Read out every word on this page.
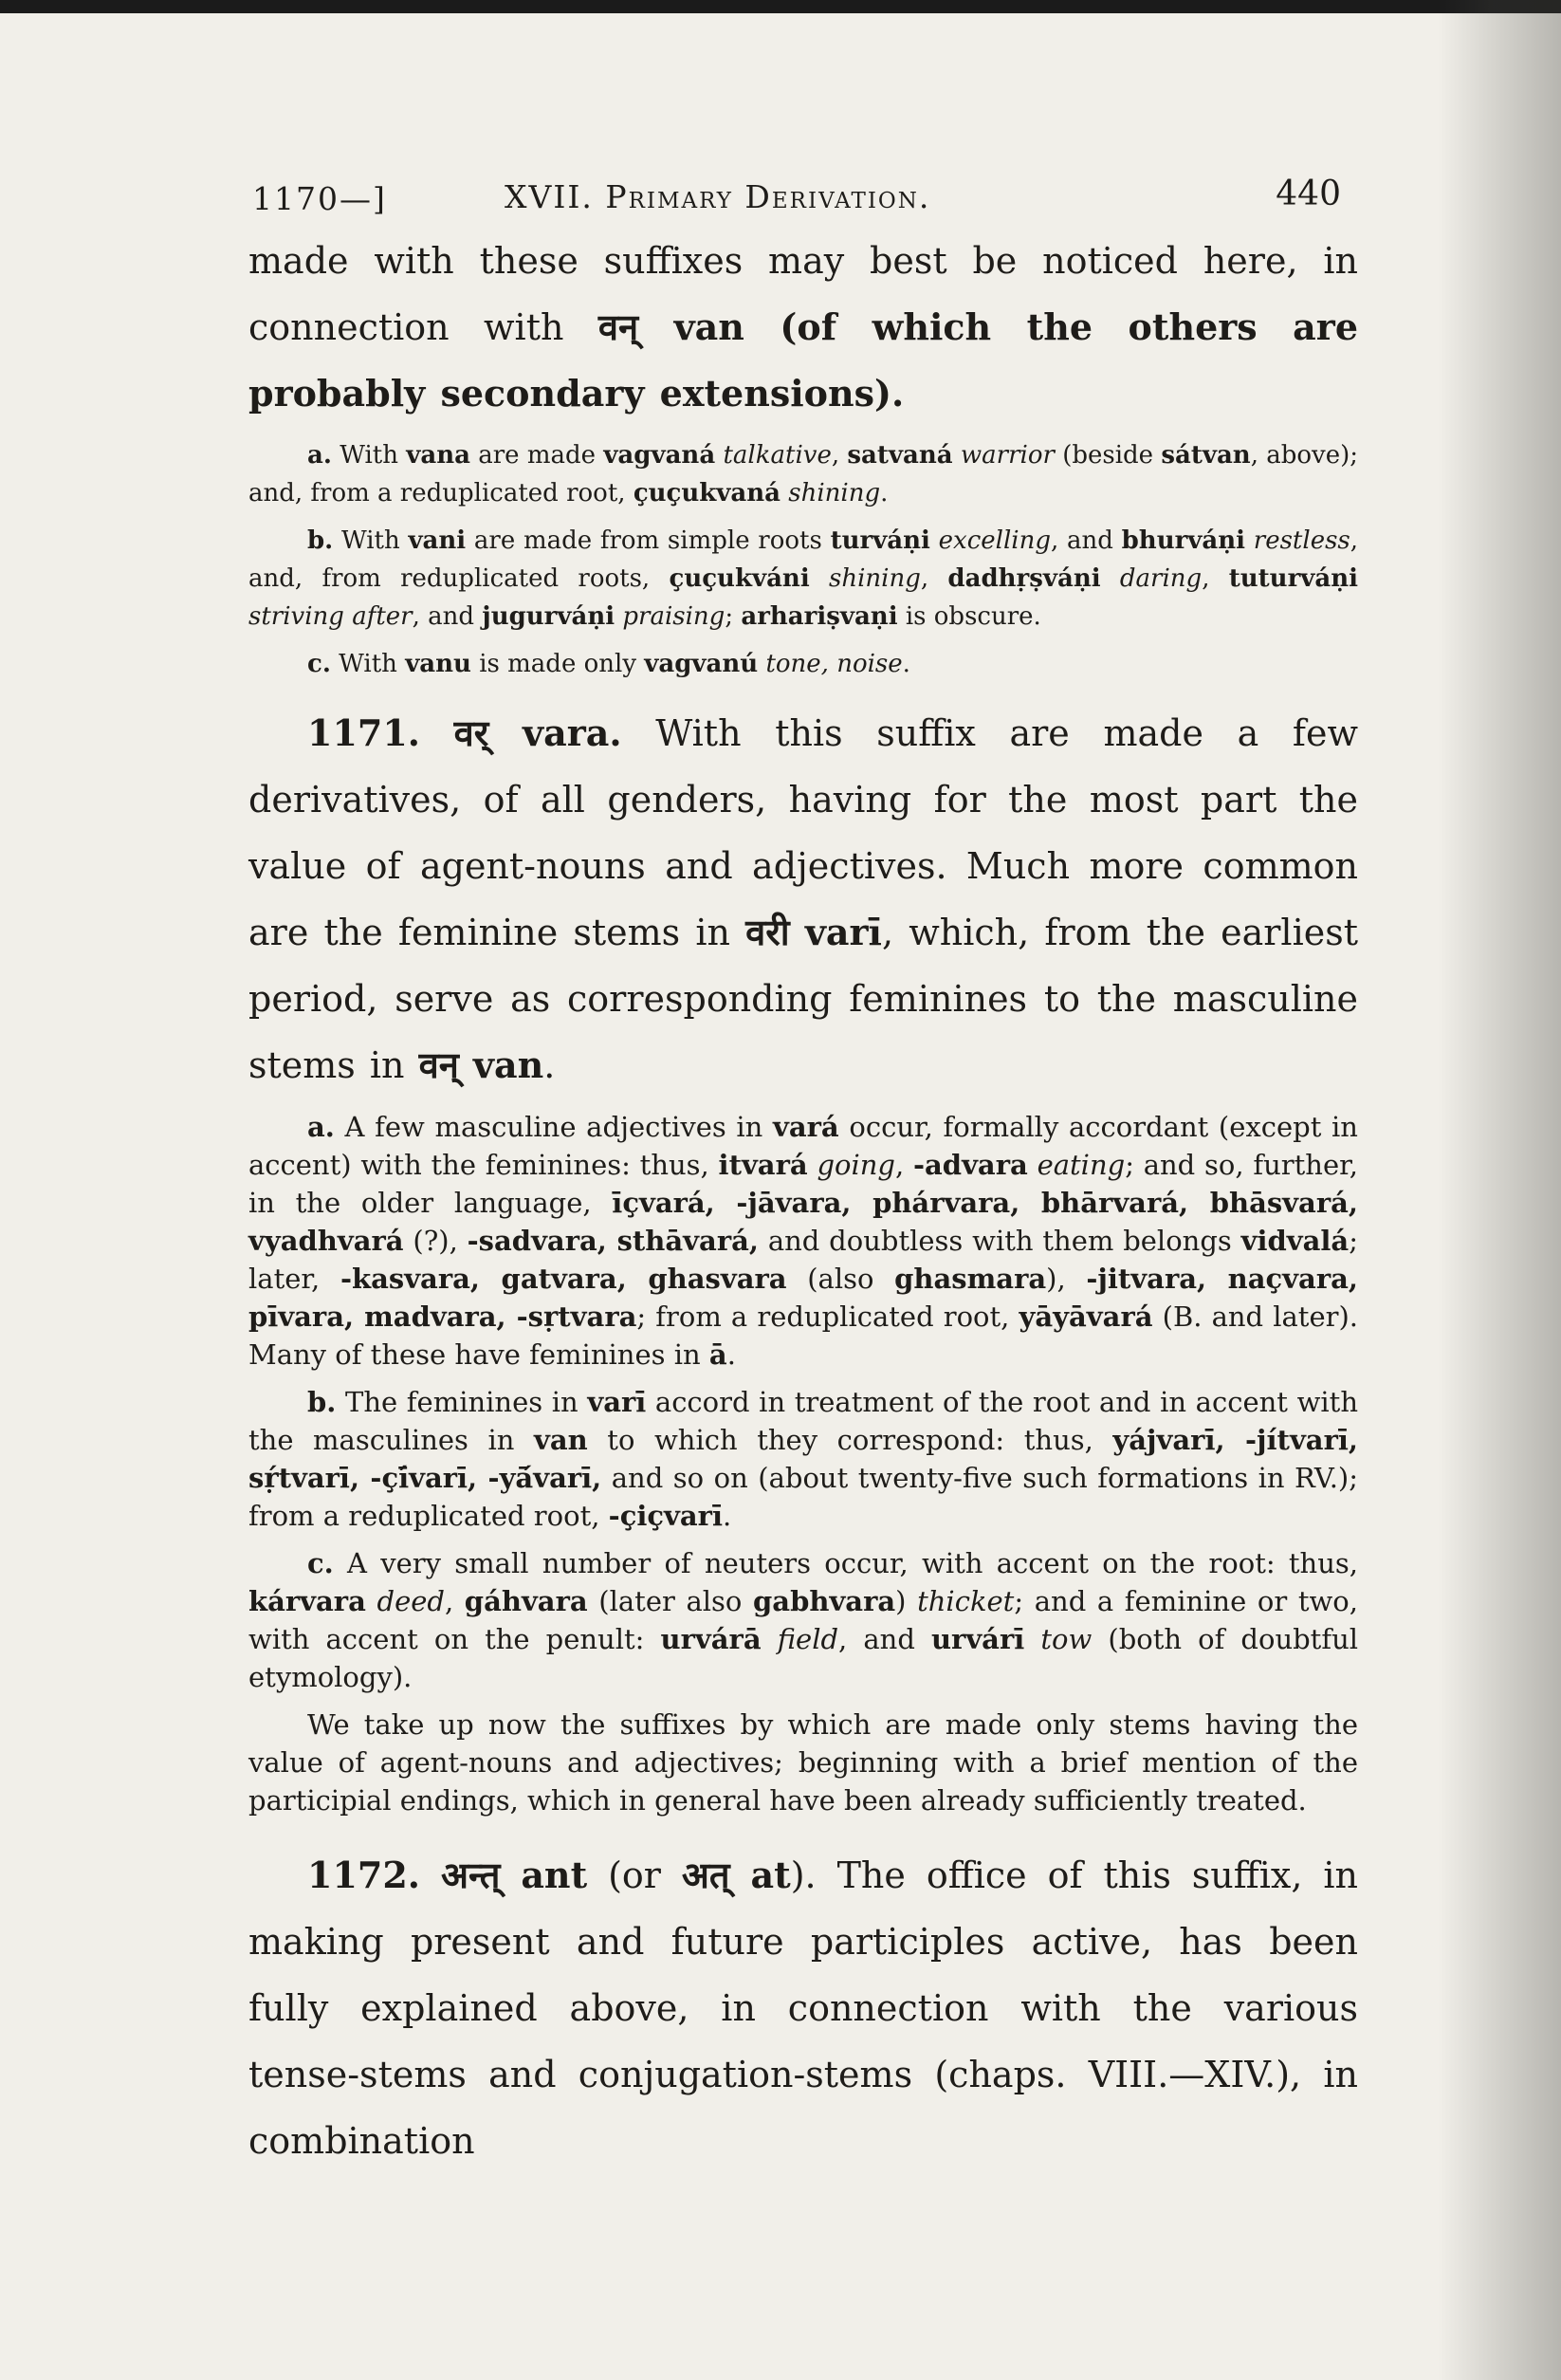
1170—]	XVII. Primary Derivation.	440

made with these suffixes may best be noticed here, in connection with वन् van (of which the others are probably secondary extensions).

a. With vana are made vagvaná talkative, satvaná warrior (beside sátvan, above); and, from a reduplicated root, çuçukvaná shining.

b. With vani are made from simple roots turváṇi excelling, and bhurváṇi restless, and, from reduplicated roots, çuçukváni shining, dadhṛṣváṇi daring, tuturváṇi striving after, and jugurváṇi praising; arhariṣvaṇi is obscure.

c. With vanu is made only vagvanú tone, noise.

1171. वर् vara. With this suffix are made a few derivatives, of all genders, having for the most part the value of agent-nouns and adjectives. Much more common are the feminine stems in वरी varī, which, from the earliest period, serve as corresponding feminines to the masculine stems in वन् van.

a. A few masculine adjectives in vará occur, formally accordant (except in accent) with the feminines: thus, itvará going, -advara eating; and so, further, in the older language, īçvará, -jāvara, phárvara, bhārvará, bhāsvará, vyadhvará (?), -sadvara, sthāvará, and doubtless with them belongs vidvalá; later, -kasvara, gatvara, ghasvara (also ghasmara), -jitvara, naçvara, pīvara, madvara, -sṛtvara; from a reduplicated root, yāyāvará (B. and later). Many of these have feminines in ā.

b. The feminines in varī accord in treatment of the root and in accent with the masculines in van to which they correspond: thus, yájvarī, -jítvarī, sṛ́tvarī, -çī́varī, -yā́varī, and so on (about twenty-five such formations in RV.); from a reduplicated root, -çiçvarī.

c. A very small number of neuters occur, with accent on the root: thus, kárvara deed, gáhvara (later also gabhvara) thicket; and a feminine or two, with accent on the penult: urvárā field, and urvárī tow (both of doubtful etymology).

We take up now the suffixes by which are made only stems having the value of agent-nouns and adjectives; beginning with a brief mention of the participial endings, which in general have been already sufficiently treated.

1172. अन्त् ant (or अत् at). The office of this suffix, in making present and future participles active, has been fully explained above, in connection with the various tense-stems and conjugation-stems (chaps. VIII.—XIV.), in combination
